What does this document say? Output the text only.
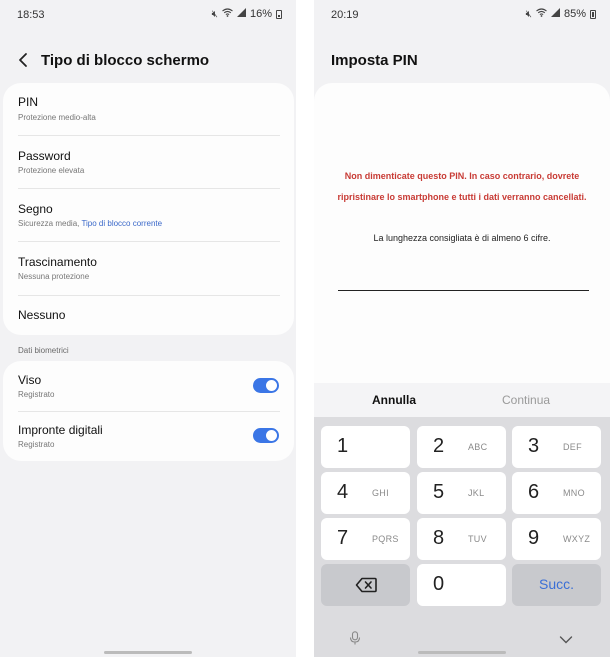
18:53	🔇︎	16%
Tipo di blocco schermo
PIN
Protezione medio-alta
Password
Protezione elevata
Segno
Sicurezza media, Tipo di blocco corrente
Trascinamento
Nessuna protezione
Nessuno
Dati biometrici
Viso
Registrato
Impronte digitali
Registrato
20:19	🔇︎	85%
Imposta PIN
Non dimenticate questo PIN. In caso contrario, dovrete ripristinare lo smartphone e tutti i dati verranno cancellati.
La lunghezza consigliata è di almeno 6 cifre.
Annulla	Continua
1	2	ABC 3	DEF
4	GHI 5	JKL 6	MNO
7	PQRS 8	TUV 9	WXYZ
0	Succ.
